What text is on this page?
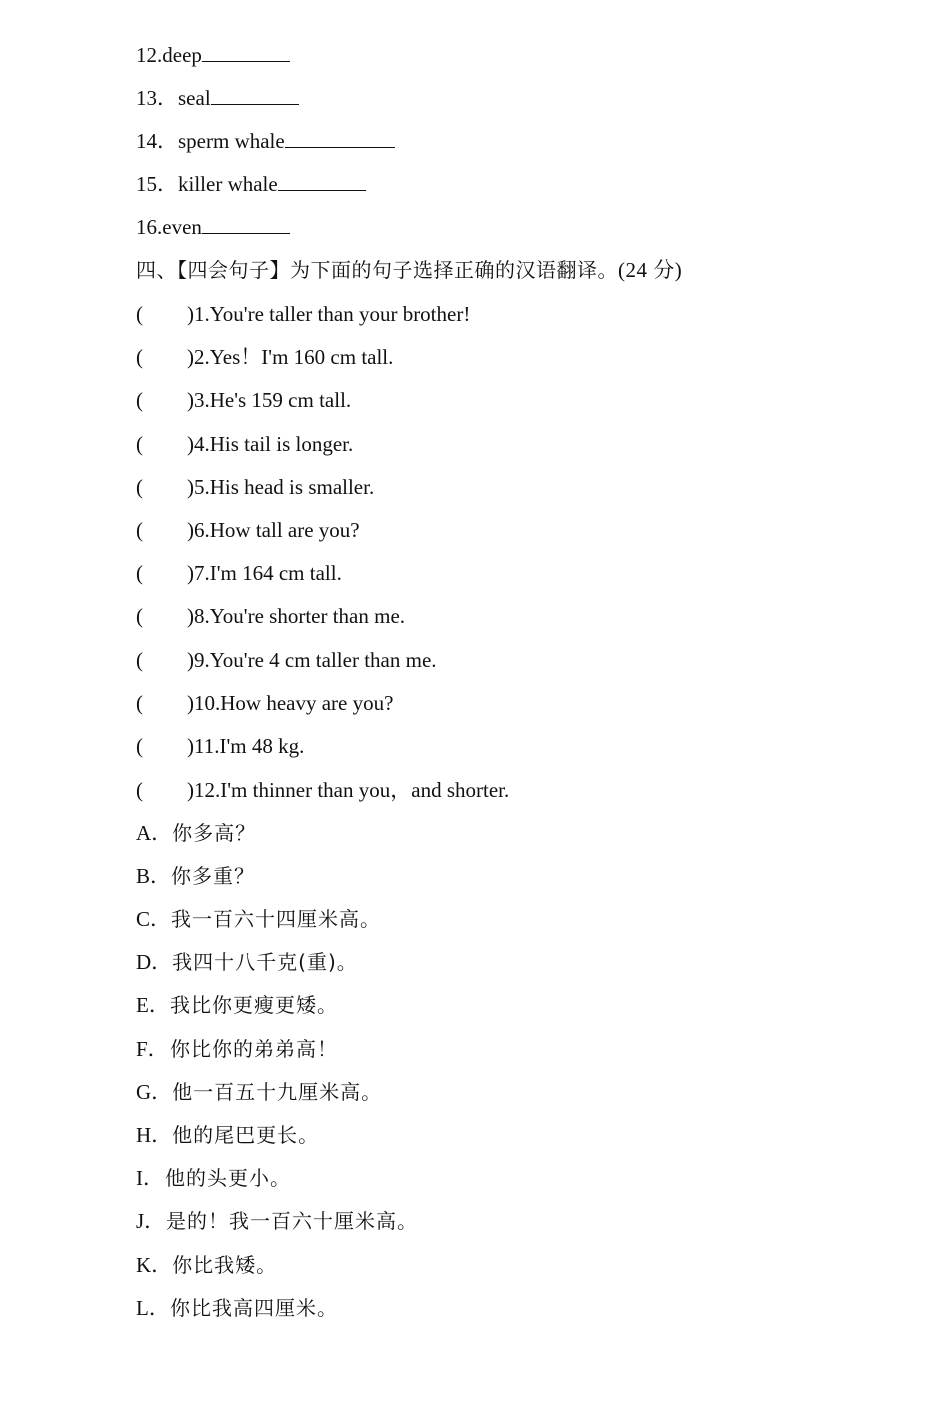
12.deep
13．seal
14．sperm whale
15．killer whale
16.even
四、【四会句子】为下面的句子选择正确的汉语翻译。(24 分)
( )1.You're taller than your brother!
( )2.Yes！I'm 160 cm tall.
( )3.He's 159 cm tall.
( )4.His tail is longer.
( )5.His head is smaller.
( )6.How tall are you?
( )7.I'm 164 cm tall.
( )8.You're shorter than me.
( )9.You're 4 cm taller than me.
( )10.How heavy are you?
( )11.I'm 48 kg.
( )12.I'm thinner than you，and shorter.
A．你多高？
B．你多重？
C．我一百六十四厘米高。
D．我四十八千克(重)。
E．我比你更瘦更矮。
F．你比你的弟弟高！
G．他一百五十九厘米高。
H．他的尾巴更长。
I．他的头更小。
J．是的！我一百六十厘米高。
K．你比我矮。
L．你比我高四厘米。
